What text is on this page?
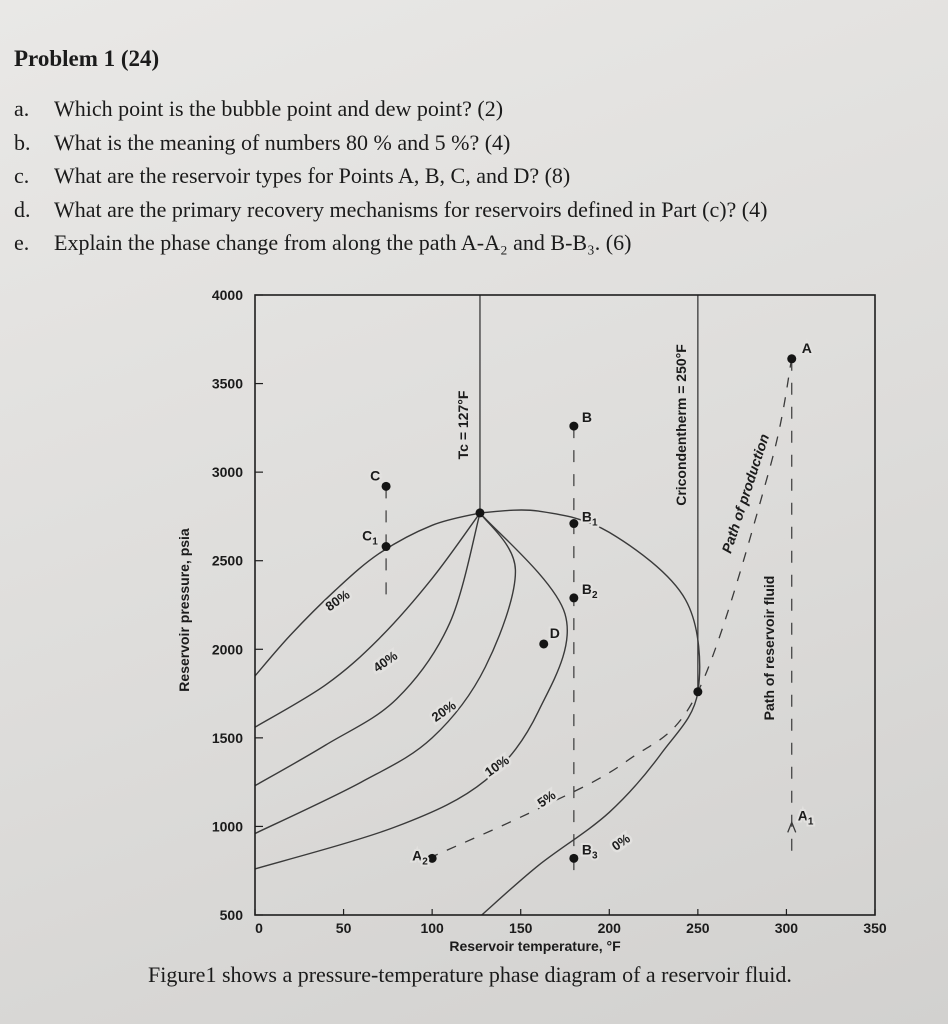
Problem 1 (24)
a. Which point is the bubble point and dew point? (2)
b. What is the meaning of numbers 80 % and 5 %? (4)
c. What are the reservoir types for Points A, B, C, and D? (8)
d. What are the primary recovery mechanisms for reservoirs defined in Part (c)? (4)
e. Explain the phase change from along the path A-A₂ and B-B₃. (6)
500
1000
1500
2000
2500
3000
3500
4000
0	50	100	150	200	250	300	350
Tc = 127°F	Cricondentherm = 250°F
80%
40%
20%
10%
5%
0%
Path of production
Path of reservoir fluid
A
B
$B_1$
$B_2$
$B_3$
C
$C_1$
D
$A_1$
$A_2$
Reservoir temperature, °F
Reservoir pressure, psia

Figure1 shows a pressure-temperature phase diagram of a reservoir fluid.
